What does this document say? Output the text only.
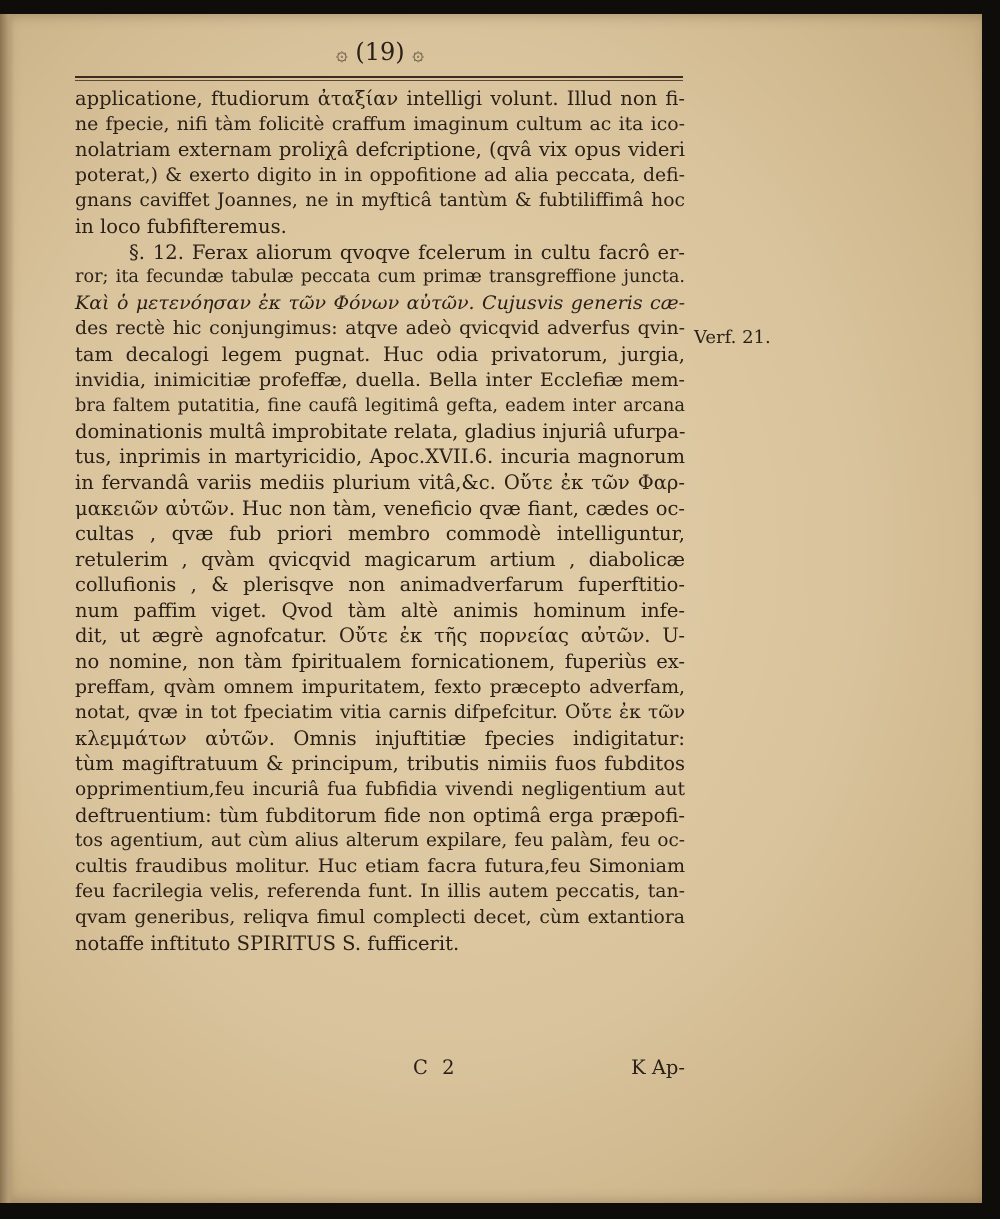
۞ (19) ۞
applicatione, ftudiorum ἀταξίαν intelligi volunt. Illud non fi-
ne fpecie, nifi tàm folicitè craffum imaginum cultum ac ita ico-
nolatriam externam proliχâ defcriptione, (qvâ vix opus videri
poterat,) & exerto digito in in oppofitione ad alia peccata, defi-
gnans caviffet Joannes, ne in myfticâ tantùm & fubtiliffimâ hoc
in loco fubfifteremus.
§. 12. Ferax aliorum qvoqve fcelerum in cultu facrô er-
ror; ita fecundæ tabulæ peccata cum primæ transgreffione juncta.
Καὶ ὁ μετενόησαν ἐκ τῶν Φόνων αὐτῶν. Cujusvis generis cæ-
des rectè hic conjungimus: atqve adeò qvicqvid adverfus qvin-
tam decalogi legem pugnat. Huc odia privatorum, jurgia,
invidia, inimicitiæ profeffæ, duella. Bella inter Ecclefiæ mem-
bra faltem putatitia, fine caufâ legitimâ gefta, eadem inter arcana
dominationis multâ improbitate relata, gladius injuriâ ufurpa-
tus, inprimis in martyricidio, Apoc.XVII.6. incuria magnorum
in fervandâ variis mediis plurium vitâ,&c. Οὔτε ἐκ τῶν Φαρ-
μακειῶν αὐτῶν. Huc non tàm, veneficio qvæ fiant, cædes oc-
cultas , qvæ fub priori membro commodè intelliguntur,
retulerim , qvàm qvicqvid magicarum artium , diabolicæ
collufionis , & plerisqve non animadverfarum fuperftitio-
num paffim viget. Qvod tàm altè animis hominum infe-
dit, ut ægrè agnofcatur. Οὔτε ἐκ τῆς πορνείας αὐτῶν. U-
no nomine, non tàm fpiritualem fornicationem, fuperiùs ex-
preffam, qvàm omnem impuritatem, fexto præcepto adverfam,
notat, qvæ in tot fpeciatim vitia carnis difpefcitur. Οὔτε ἐκ τῶν
κλεμμάτων αὐτῶν. Omnis injuftitiæ fpecies indigitatur:
tùm magiftratuum & principum, tributis nimiis fuos fubditos
opprimentium,feu incuriâ fua fubfidia vivendi negligentium aut
deftruentium: tùm fubditorum fide non optimâ erga præpofi-
tos agentium, aut cùm alius alterum expilare, feu palàm, feu oc-
cultis fraudibus molitur. Huc etiam facra futura,feu Simoniam
feu facrilegia velis, referenda funt. In illis autem peccatis, tan-
qvam generibus, reliqva fimul complecti decet, cùm extantiora
notaffe inftituto SPIRITUS S. fufficerit.
Verf. 21.
C 2	K Ap-
